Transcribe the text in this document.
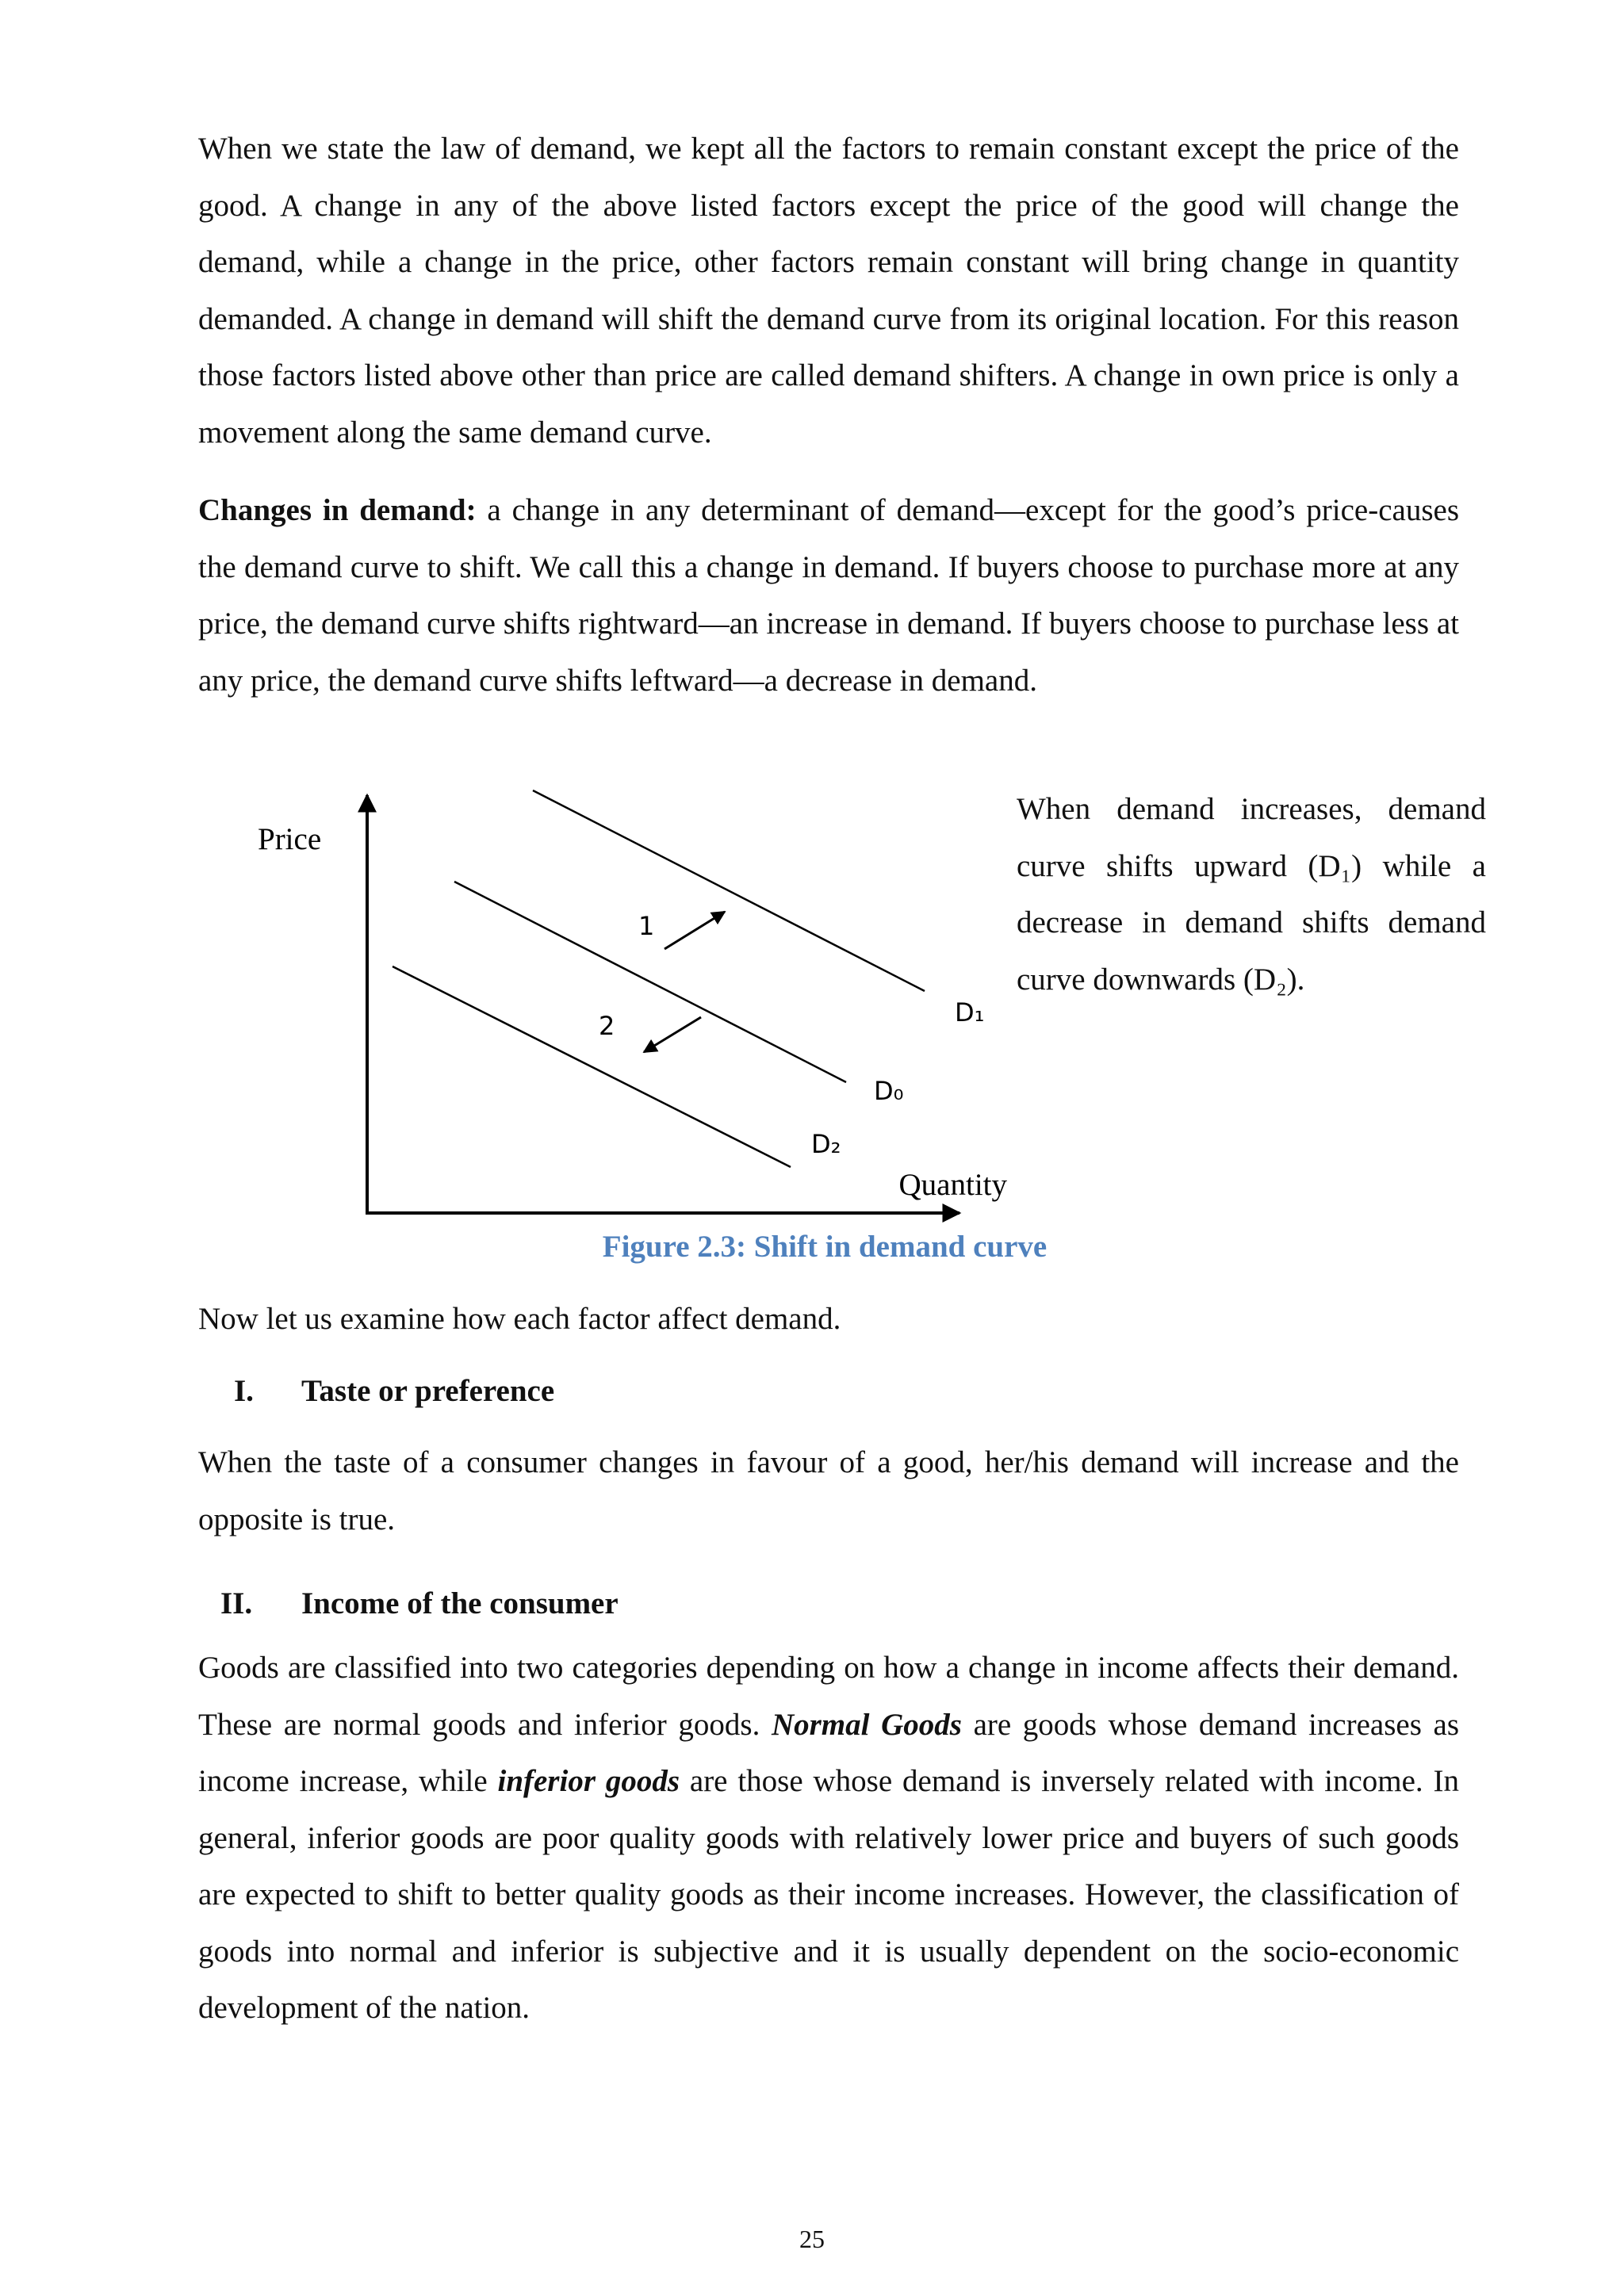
When we state the law of demand, we kept all the factors to remain constant except the price of the good. A change in any of the above listed factors except the price of the good will change the demand, while a change in the price, other factors remain constant will bring change in quantity demanded. A change in demand will shift the demand curve from its original location. For this reason those factors listed above other than price are called demand shifters. A change in own price is only a movement along the same demand curve.

Changes in demand: a change in any determinant of demand—except for the good’s price-causes the demand curve to shift. We call this a change in demand. If buyers choose to purchase more at any price, the demand curve shifts rightward—an increase in demand. If buyers choose to purchase less at any price, the demand curve shifts leftward—a decrease in demand.

Price
Quantity
1
2	D₁
D₀
D₂

When demand increases, demand curve shifts upward (D₁) while a decrease in demand shifts demand curve downwards (D₂).

Figure 2.3: Shift in demand curve

Now let us examine how each factor affect demand.

I. Taste or preference

When the taste of a consumer changes in favour of a good, her/his demand will increase and the opposite is true.

II. Income of the consumer

Goods are classified into two categories depending on how a change in income affects their demand. These are normal goods and inferior goods. Normal Goods are goods whose demand increases as income increase, while inferior goods are those whose demand is inversely related with income. In general, inferior goods are poor quality goods with relatively lower price and buyers of such goods are expected to shift to better quality goods as their income increases. However, the classification of goods into normal and inferior is subjective and it is usually dependent on the socio-economic development of the nation.

25
